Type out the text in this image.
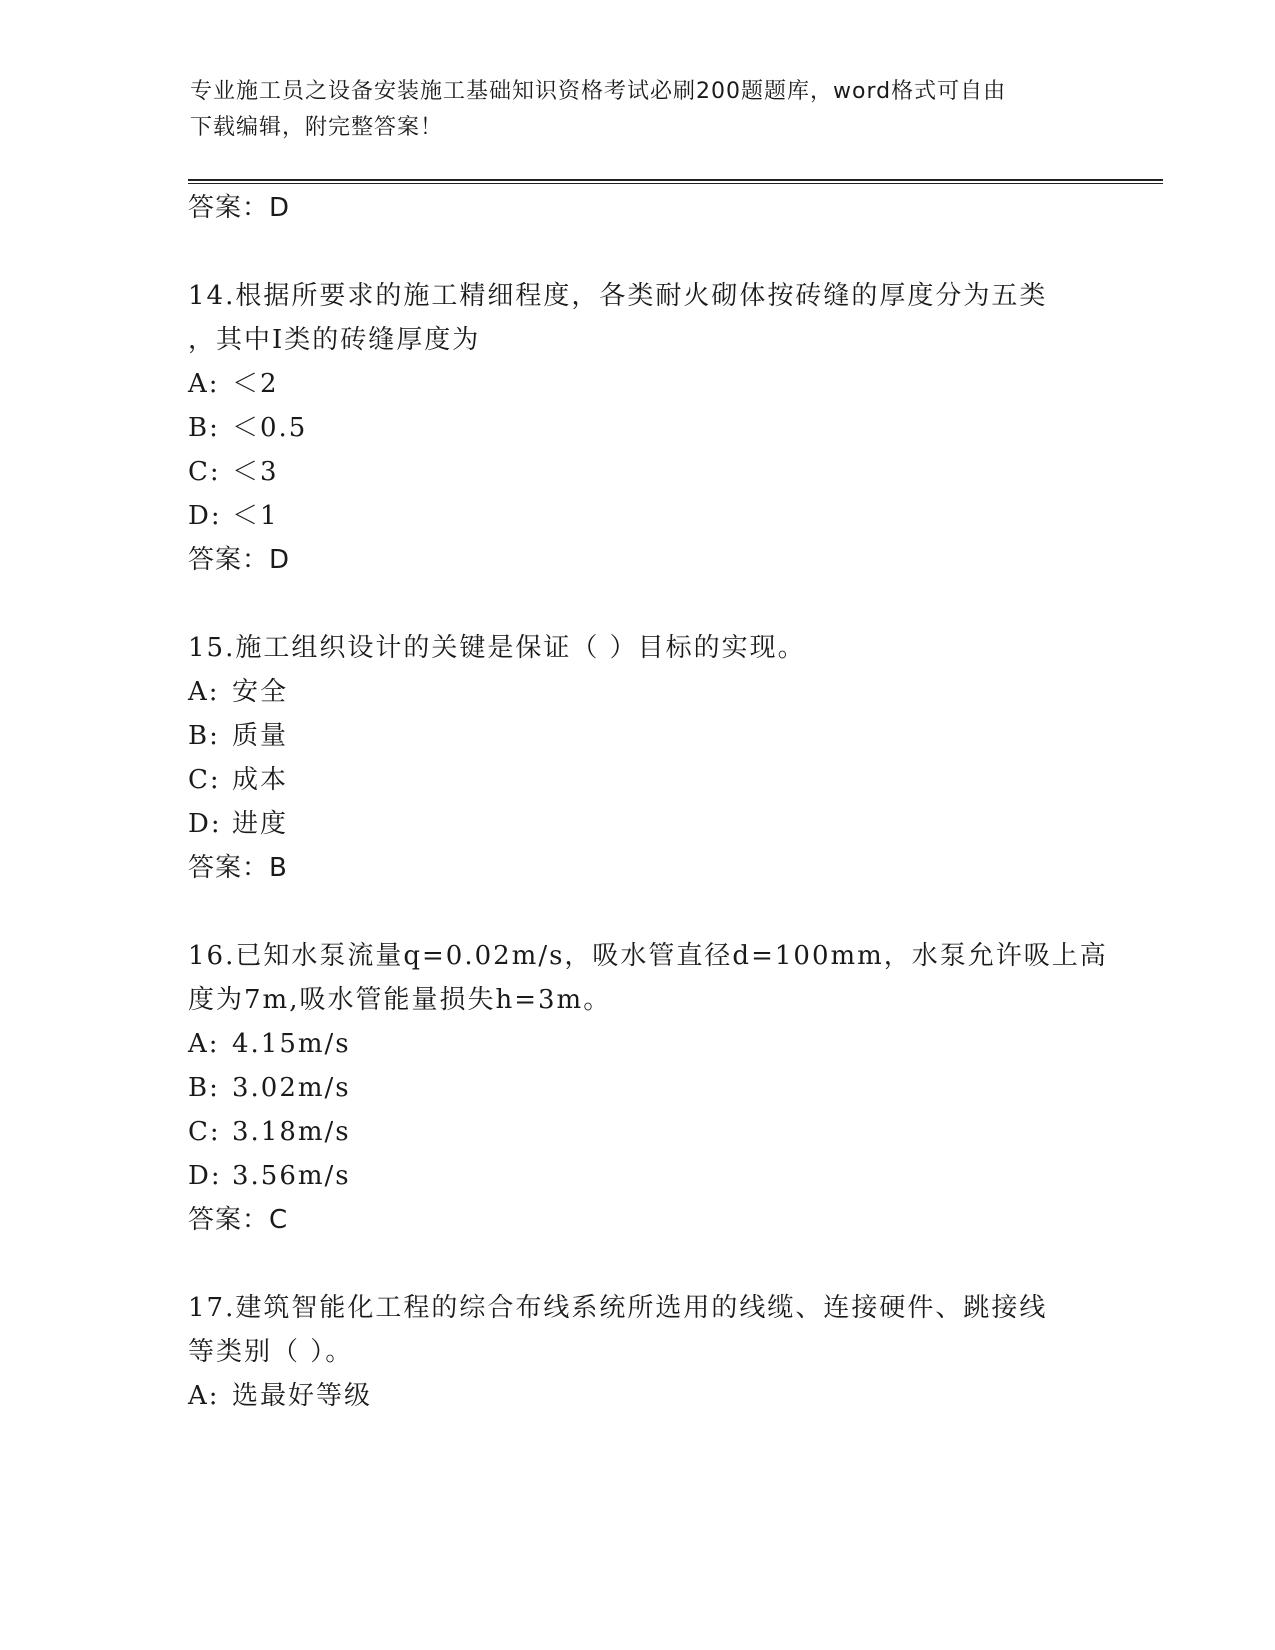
专业施工员之设备安装施工基础知识资格考试必刷200题题库，word格式可自由
下载编辑，附完整答案！
答案：D
14.根据所要求的施工精细程度，各类耐火砌体按砖缝的厚度分为五类
，其中Ⅰ类的砖缝厚度为
A: ＜2
B: ＜0.5
C: ＜3
D: ＜1
答案：D
15.施工组织设计的关键是保证（ ）目标的实现。
A: 安全
B: 质量
C: 成本
D: 进度
答案：B
16.已知水泵流量q=0.02m/s，吸水管直径d=100mm，水泵允许吸上高
度为7m,吸水管能量损失h=3m。
A: 4.15m/s
B: 3.02m/s
C: 3.18m/s
D: 3.56m/s
答案：C
17.建筑智能化工程的综合布线系统所选用的线缆、连接硬件、跳接线
等类别（ ）。
A: 选最好等级
